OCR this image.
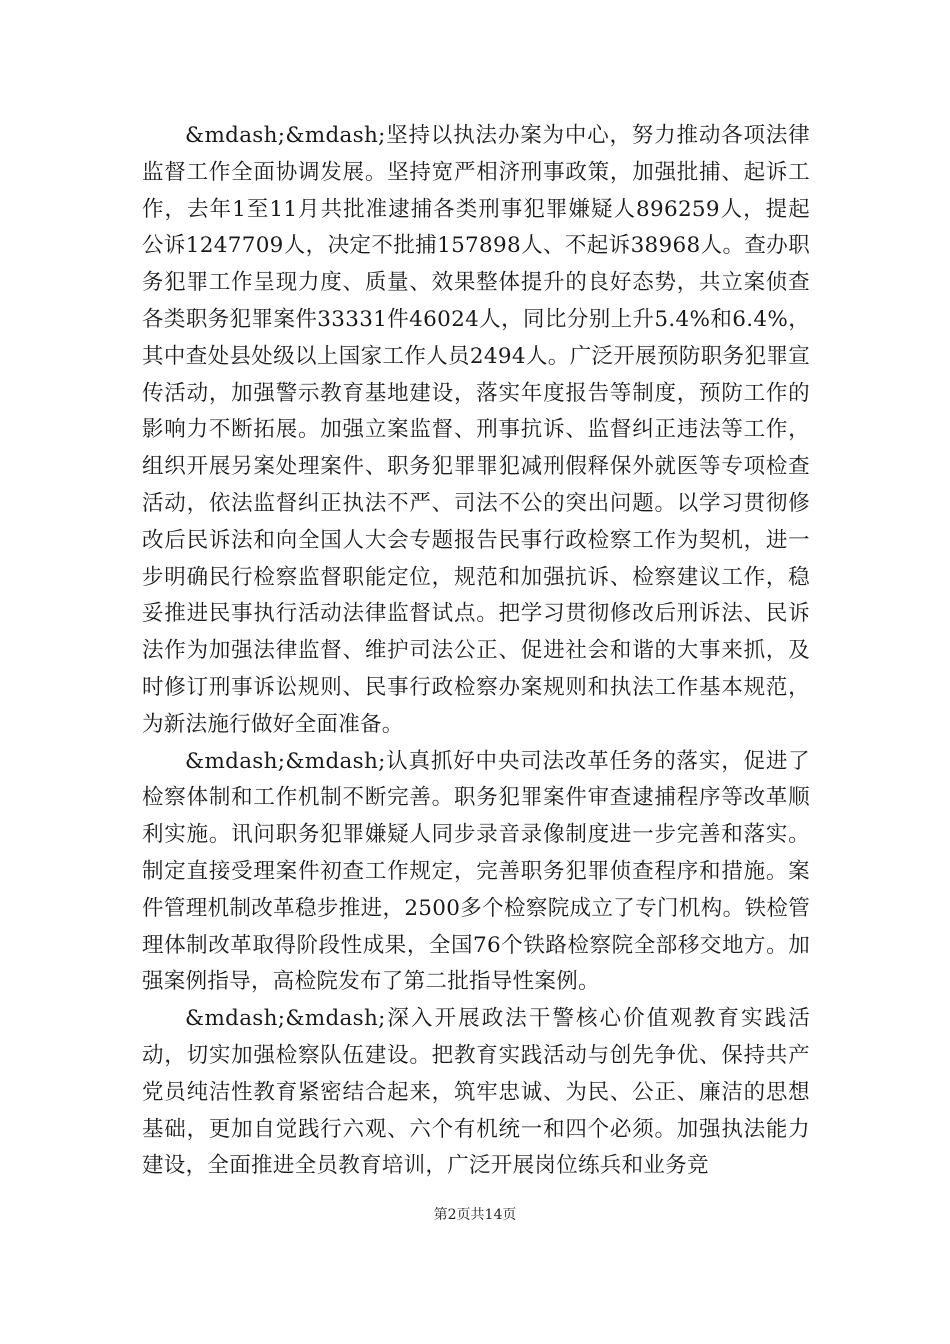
&mdash;&mdash;坚持以执法办案为中心，努力推动各项法律监督工作全面协调发展。坚持宽严相济刑事政策，加强批捕、起诉工作，去年1至11月共批准逮捕各类刑事犯罪嫌疑人896259人，提起公诉1247709人，决定不批捕157898人、不起诉38968人。查办职务犯罪工作呈现力度、质量、效果整体提升的良好态势，共立案侦查各类职务犯罪案件33331件46024人，同比分别上升5.4%和6.4%，其中查处县处级以上国家工作人员2494人。广泛开展预防职务犯罪宣传活动，加强警示教育基地建设，落实年度报告等制度，预防工作的影响力不断拓展。加强立案监督、刑事抗诉、监督纠正违法等工作，组织开展另案处理案件、职务犯罪罪犯减刑假释保外就医等专项检查活动，依法监督纠正执法不严、司法不公的突出问题。以学习贯彻修改后民诉法和向全国人大会专题报告民事行政检察工作为契机，进一步明确民行检察监督职能定位，规范和加强抗诉、检察建议工作，稳妥推进民事执行活动法律监督试点。把学习贯彻修改后刑诉法、民诉法作为加强法律监督、维护司法公正、促进社会和谐的大事来抓，及时修订刑事诉讼规则、民事行政检察办案规则和执法工作基本规范，为新法施行做好全面准备。

&mdash;&mdash;认真抓好中央司法改革任务的落实，促进了检察体制和工作机制不断完善。职务犯罪案件审查逮捕程序等改革顺利实施。讯问职务犯罪嫌疑人同步录音录像制度进一步完善和落实。制定直接受理案件初查工作规定，完善职务犯罪侦查程序和措施。案件管理机制改革稳步推进，2500多个检察院成立了专门机构。铁检管理体制改革取得阶段性成果，全国76个铁路检察院全部移交地方。加强案例指导，高检院发布了第二批指导性案例。

&mdash;&mdash;深入开展政法干警核心价值观教育实践活动，切实加强检察队伍建设。把教育实践活动与创先争优、保持共产党员纯洁性教育紧密结合起来，筑牢忠诚、为民、公正、廉洁的思想基础，更加自觉践行六观、六个有机统一和四个必须。加强执法能力建设，全面推进全员教育培训，广泛开展岗位练兵和业务竞

第2页共14页
